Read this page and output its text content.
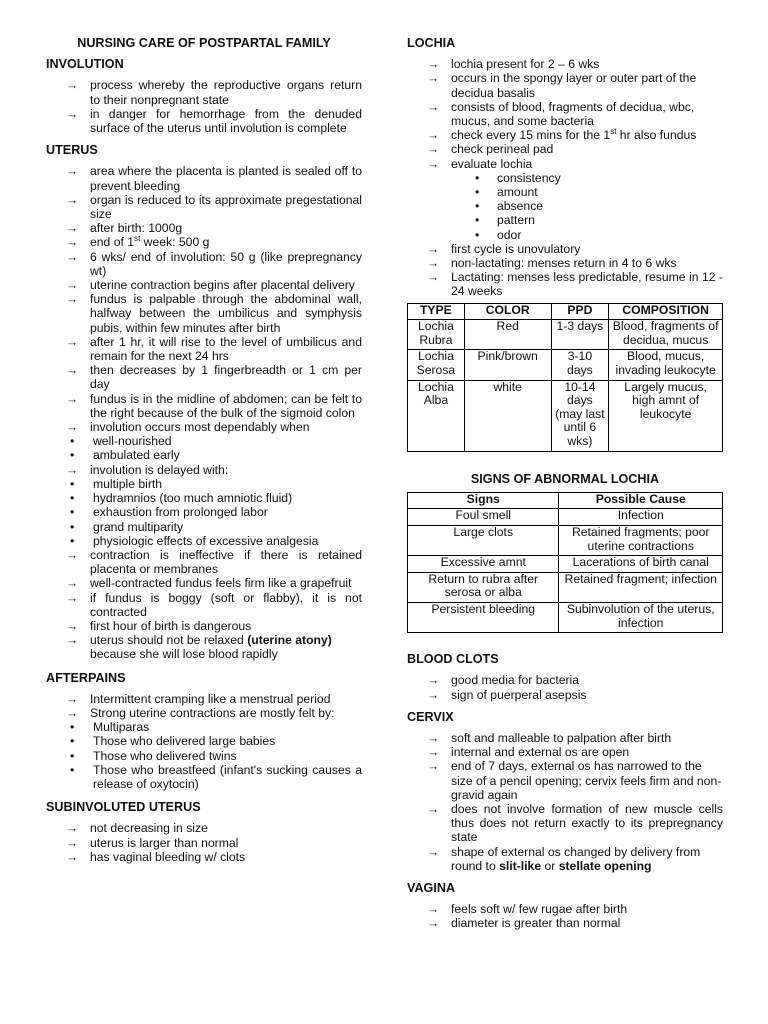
NURSING CARE OF POSTPARTAL FAMILY

INVOLUTION

→ process whereby the reproductive organs return to their nonpregnant state
→ in danger for hemorrhage from the denuded surface of the uterus until involution is complete

UTERUS

→ area where the placenta is planted is sealed off to prevent bleeding
→ organ is reduced to its approximate pregestational size
→ after birth: 1000g
→ end of 1st week: 500 g
→ 6 wks/ end of involution: 50 g (like prepregnancy wt)
→ uterine contraction begins after placental delivery
→ fundus is palpable through the abdominal wall, halfway between the umbilicus and symphysis pubis, within few minutes after birth
→ after 1 hr, it will rise to the level of umbilicus and remain for the next 24 hrs
→ then decreases by 1 fingerbreadth or 1 cm per day
→ fundus is in the midline of abdomen; can be felt to the right because of the bulk of the sigmoid colon
→ involution occurs most dependably when
• well-nourished
• ambulated early
→ involution is delayed with:
• multiple birth
• hydramnios (too much amniotic fluid)
• exhaustion from prolonged labor
• grand multiparity
• physiologic effects of excessive analgesia
→ contraction is ineffective if there is retained placenta or membranes
→ well-contracted fundus feels firm like a grapefruit
→ if fundus is boggy (soft or flabby), it is not contracted
→ first hour of birth is dangerous
→ uterus should not be relaxed (uterine atony) because she will lose blood rapidly

AFTERPAINS

→ Intermittent cramping like a menstrual period
→ Strong uterine contractions are mostly felt by:
• Multiparas
• Those who delivered large babies
• Those who delivered twins
• Those who breastfeed (infant's sucking causes a release of oxytocin)

SUBINVOLUTED UTERUS

→ not decreasing in size
→ uterus is larger than normal
→ has vaginal bleeding w/ clots

LOCHIA

→ lochia present for 2 – 6 wks
→ occurs in the spongy layer or outer part of the decidua basalis
→ consists of blood, fragments of decidua, wbc, mucus, and some bacteria
→ check every 15 mins for the 1st hr also fundus
→ check perineal pad
→ evaluate lochia
• consistency
• amount
• absence
• pattern
• odor
→ first cycle is unovulatory
→ non-lactating: menses return in 4 to 6 wks
→ Lactating: menses less predictable, resume in 12 - 24 weeks
TYPE	COLOR	PPD	COMPOSITION
Lochia Rubra	Red	1-3 days	Blood, fragments of decidua, mucus
Lochia Serosa	Pink/brown	3-10 days	Blood, mucus, invading leukocyte
Lochia Alba	white	10-14 days (may last until 6 wks)	Largely mucus, high amnt of leukocyte

SIGNS OF ABNORMAL LOCHIA

Signs	Possible Cause
Foul smell	Infection
Large clots	Retained fragments; poor uterine contractions
Excessive amnt	Lacerations of birth canal
Return to rubra after serosa or alba	Retained fragment; infection
Persistent bleeding	Subinvolution of the uterus, infection

BLOOD CLOTS

→ good media for bacteria
→ sign of puerperal asepsis

CERVIX

→ soft and malleable to palpation after birth
→ internal and external os are open
→ end of 7 days, external os has narrowed to the size of a pencil opening; cervix feels firm and non-gravid again
→ does not involve formation of new muscle cells thus does not return exactly to its prepregnancy state
→ shape of external os changed by delivery from round to slit-like or stellate opening

VAGINA

→ feels soft w/ few rugae after birth
→ diameter is greater than normal
